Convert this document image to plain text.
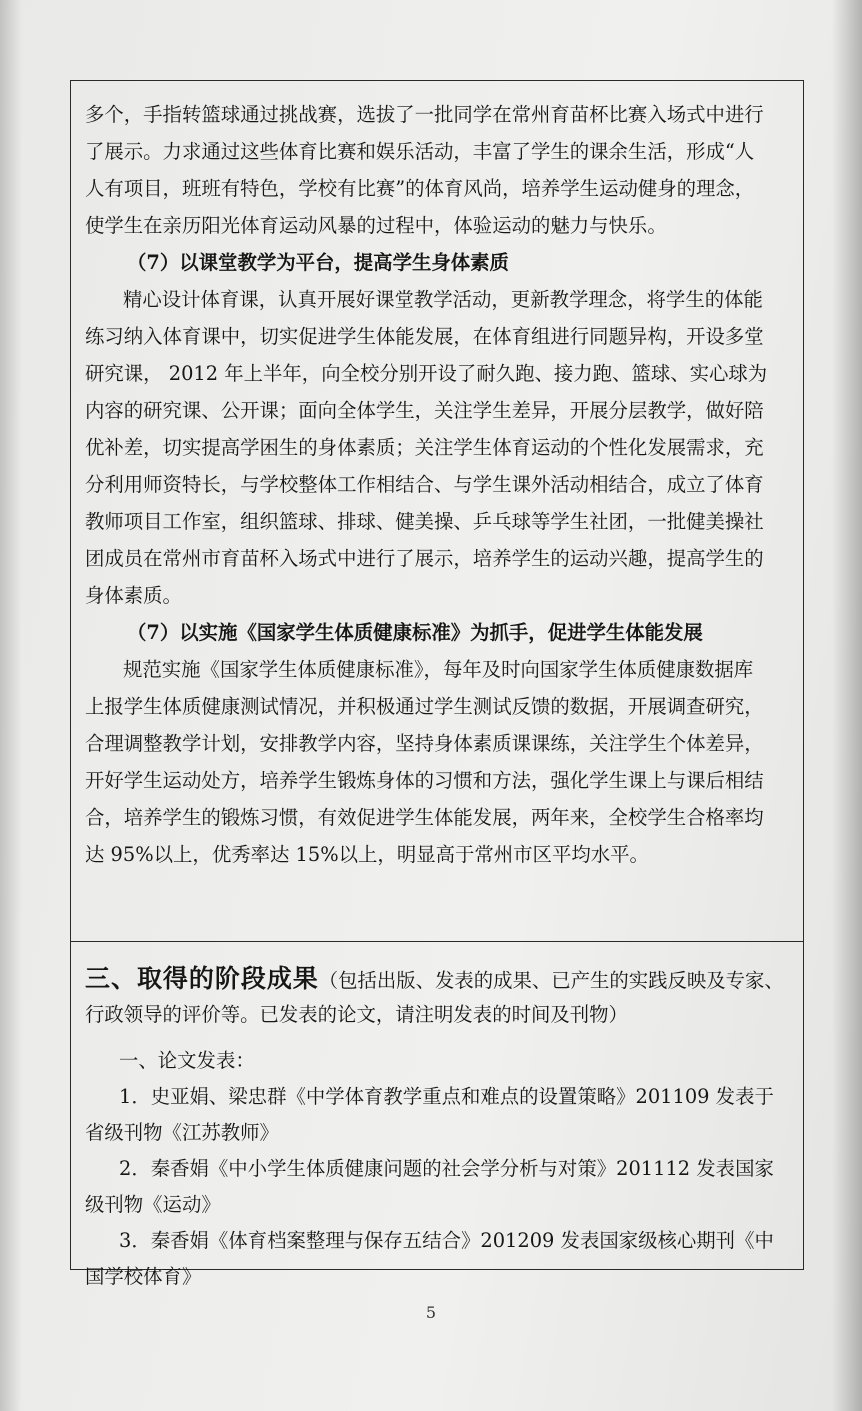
多个，手指转篮球通过挑战赛，选拔了一批同学在常州育苗杯比赛入场式中进行
了展示。力求通过这些体育比赛和娱乐活动，丰富了学生的课余生活，形成“人
人有项目，班班有特色，学校有比赛”的体育风尚，培养学生运动健身的理念，
使学生在亲历阳光体育运动风暴的过程中，体验运动的魅力与快乐。
（7）以课堂教学为平台，提高学生身体素质
精心设计体育课，认真开展好课堂教学活动，更新教学理念，将学生的体能
练习纳入体育课中，切实促进学生体能发展，在体育组进行同题异构，开设多堂
研究课， 2012 年上半年，向全校分别开设了耐久跑、接力跑、篮球、实心球为
内容的研究课、公开课；面向全体学生，关注学生差异，开展分层教学，做好陪
优补差，切实提高学困生的身体素质；关注学生体育运动的个性化发展需求，充
分利用师资特长，与学校整体工作相结合、与学生课外活动相结合，成立了体育
教师项目工作室，组织篮球、排球、健美操、乒乓球等学生社团，一批健美操社
团成员在常州市育苗杯入场式中进行了展示，培养学生的运动兴趣，提高学生的
身体素质。
（7）以实施《国家学生体质健康标准》为抓手，促进学生体能发展
规范实施《国家学生体质健康标准》，每年及时向国家学生体质健康数据库
上报学生体质健康测试情况，并积极通过学生测试反馈的数据，开展调查研究，
合理调整教学计划，安排教学内容，坚持身体素质课课练，关注学生个体差异，
开好学生运动处方，培养学生锻炼身体的习惯和方法，强化学生课上与课后相结
合，培养学生的锻炼习惯，有效促进学生体能发展，两年来，全校学生合格率均
达 95%以上，优秀率达 15%以上，明显高于常州市区平均水平。
三、取得的阶段成果（包括出版、发表的成果、已产生的实践反映及专家、
行政领导的评价等。已发表的论文，请注明发表的时间及刊物）
一、论文发表：
1．史亚娟、梁忠群《中学体育教学重点和难点的设置策略》201109 发表于
省级刊物《江苏教师》
2．秦香娟《中小学生体质健康问题的社会学分析与对策》201112 发表国家
级刊物《运动》
3．秦香娟《体育档案整理与保存五结合》201209 发表国家级核心期刊《中
国学校体育》
5
